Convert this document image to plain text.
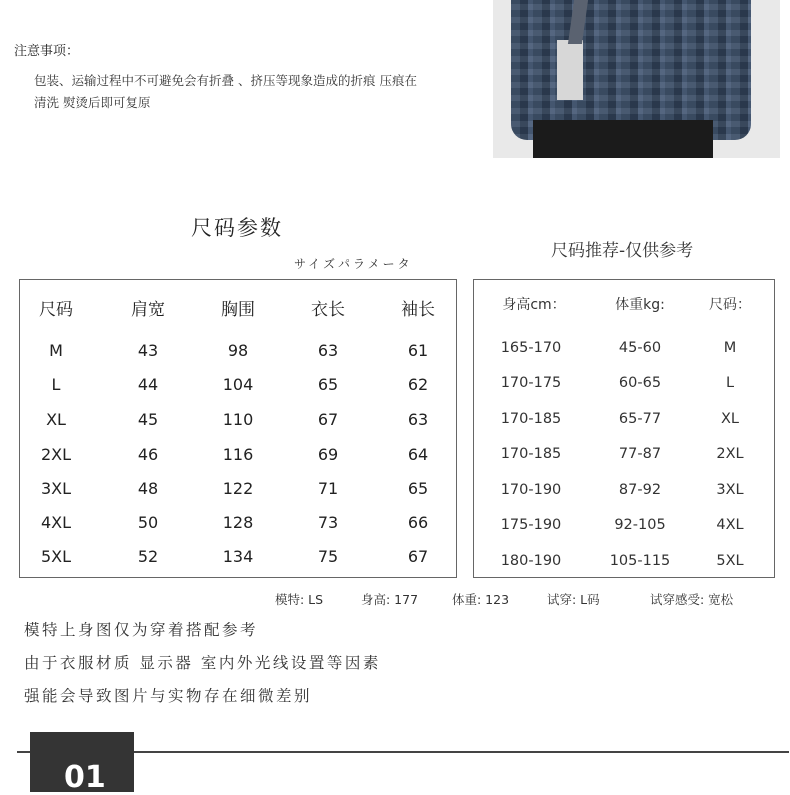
注意事项：
包装、运输过程中不可避免会有折叠 、挤压等现象造成的折痕 压痕在
清洗 熨烫后即可复原
尺码参数
サイズパラメータ
尺码推荐-仅供参考
尺码	肩宽	胸围	衣长	袖长
M	43	98	63	61
L	44	104	65	62
XL	45	110	67	63
2XL	46	116	69	64
3XL	48	122	71	65
4XL	50	128	73	66
5XL	52	134	75	67
身高cm：	体重kg:	尺码：
165-170	45-60	M
170-175	60-65	L
170-185	65-77	XL
170-185	77-87	2XL
170-190	87-92	3XL
175-190	92-105	4XL
180-190	105-115	5XL
模特: LS	身高: 177	体重: 123	试穿: L码	试穿感受: 宽松
模特上身图仅为穿着搭配参考
由于衣服材质 显示器 室内外光线设置等因素
强能会导致图片与实物存在细微差别
01
